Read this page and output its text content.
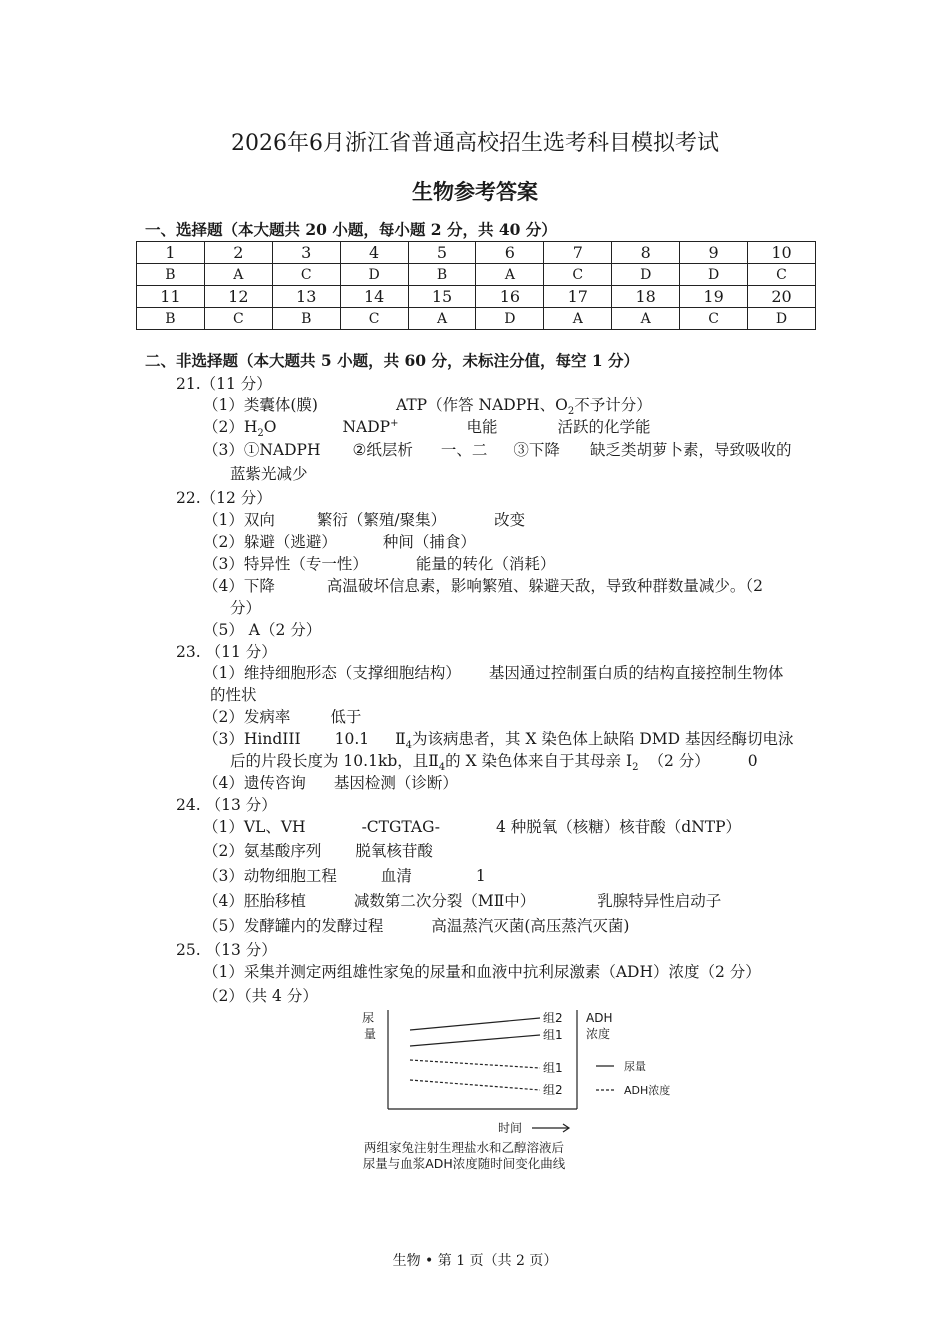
2026年6月浙江省普通高校招生选考科目模拟考试
生物参考答案
一、选择题（本大题共 20 小题，每小题 2 分，共 40 分）
1	2	3	4	5	6	7	8	9	10
B	A	C	D	B	A	C	D	D	C
11	12	13	14	15	16	17	18	19	20
B	C	B	C	A	D	A	A	C	D
二、非选择题（本大题共 5 小题，共 60 分，未标注分值，每空 1 分）
21.（11 分）
（1）类囊体(膜)	ATP（作答 NADPH、$O_2$不予计分）
$(2)H_2O$	NADP+	电能	活跃的化学能
（3）①NADPH ②纸层析 一、二 ③下降 缺乏类胡萝卜素，导致吸收的
蓝紫光减少
22.（12 分）
（1）双向	繁衍（繁殖/聚集）	改变
（2）躲避（逃避）	种间（捕食）
（3）特异性（专一性）	能量的转化（消耗）
（4）下降	高温破坏信息素，影响繁殖、躲避天敌，导致种群数量减少。（2
分）
（5） A（2 分）
23. （11 分）
（1）维持细胞形态（支撑细胞结构） 基因通过控制蛋白质的结构直接控制生物体
的性状
（2）发病率	低于
（3）HindIII 10.1 $Ⅱ_4$为该病患者，其 X 染色体上缺陷 DMD 基因经酶切电泳
后的片段长度为 10.1kb，且$Ⅱ_4$的 X 染色体来自于其母亲 $I_2$ （2 分） 0
（4）遗传咨询 基因检测（诊断）
24. （13 分）
（1）VL、VH	-CTGTAG-	4 种脱氧（核糖）核苷酸（dNTP）
（2）氨基酸序列 脱氧核苷酸
（3）动物细胞工程	血清	1
（4）胚胎移植	减数第二次分裂（MⅡ中）	乳腺特异性启动子
（5）发酵罐内的发酵过程	高温蒸汽灭菌(高压蒸汽灭菌)
25. （13 分）
（1）采集并测定两组雄性家兔的尿量和血液中抗利尿激素（ADH）浓度（2 分）
（2）（共 4 分）
尿 量
ADH 浓度
组2
组1
组1
组2
尿量
ADH浓度
时间
两组家兔注射生理盐水和乙醇溶液后
尿量与血浆ADH浓度随时间变化曲线
生物 • 第 1 页（共 2 页）
